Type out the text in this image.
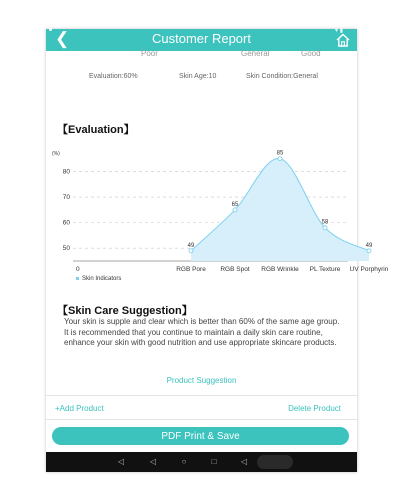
▾ ▮
❮	Customer Report
Poor	General	Good
Evaluation:60%	Skin Age:10	Skin Condition:General
【Evaluation】
(%)
50
60
70
80
0
49
RGB Pore
65
RGB Spot
85
RGB Wrinkle
58
PL Texture
49
UV Porphyrin
Skin Indicators
【Skin Care Suggestion】
Your skin is supple and clear which is better than 60% of the same age group. It is recommended that you continue to maintain a daily skin care routine, enhance your skin with good nutrition and use appropriate skincare products.
Product Suggestion
+Add Product	Delete Product
PDF Print & Save
◁	◁	○	□	◁
